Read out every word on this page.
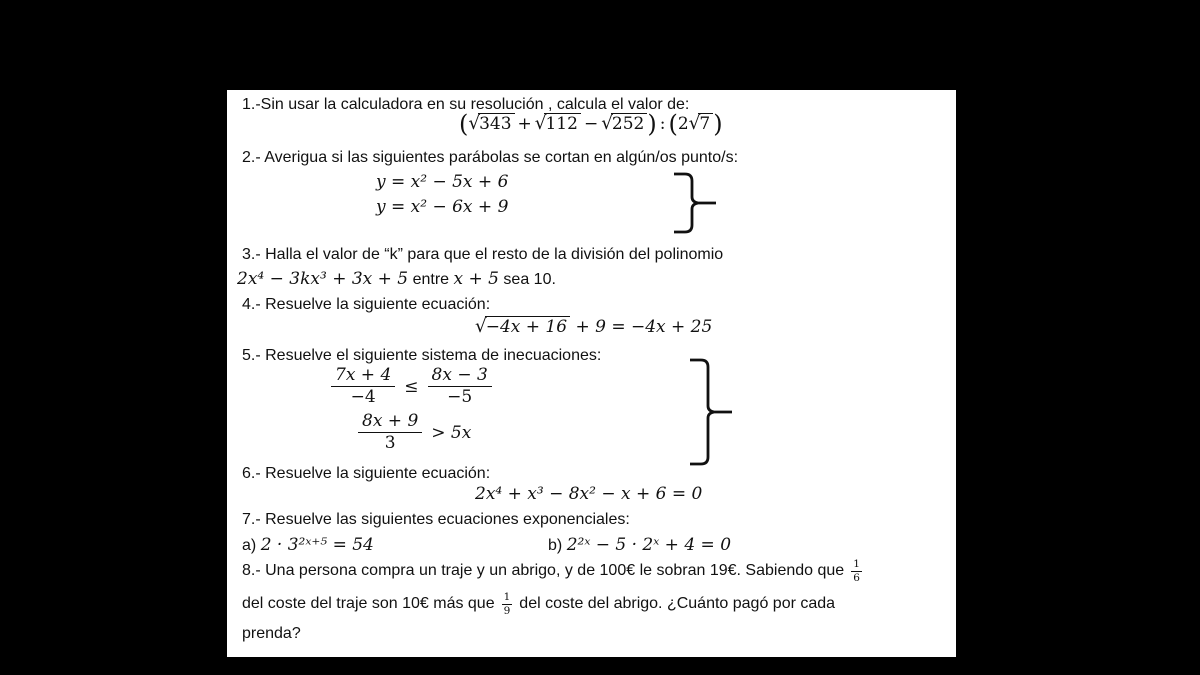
1.-Sin usar la calculadora en su resolución , calcula el valor de:
( √ 343 + √ 112 − √ 252 ) : (2 √ 7 )
2.- Averigua si las siguientes parábolas se cortan en algún/os punto/s:
y = x² − 5x + 6
y = x² − 6x + 9
3.- Halla el valor de “k” para que el resto de la división del polinomio
2x⁴ − 3kx³ + 3x + 5 entre x + 5 sea 10.
4.- Resuelve la siguiente ecuación:
√ −4x + 16 + 9 = −4x + 25
5.- Resuelve el siguiente sistema de inecuaciones:
$\frac{7x + 4}{-4} \le \frac{8x - 3}{-5}$
$\frac{8x + 9}{3} > 5x$
6.- Resuelve la siguiente ecuación:
2x⁴ + x³ − 8x² − x + 6 = 0
7.- Resuelve las siguientes ecuaciones exponenciales:
a) 2 · 3²ˣ⁺⁵ = 54	b) 2²ˣ − 5 · 2ˣ + 4 = 0
8.- Una persona compra un traje y un abrigo, y de 100€ le sobran 19€. Sabiendo que $\frac{1}{6}$
del coste del traje son 10€ más que $\frac{1}{9}$ del coste del abrigo. ¿Cuánto pagó por cada
prenda?
